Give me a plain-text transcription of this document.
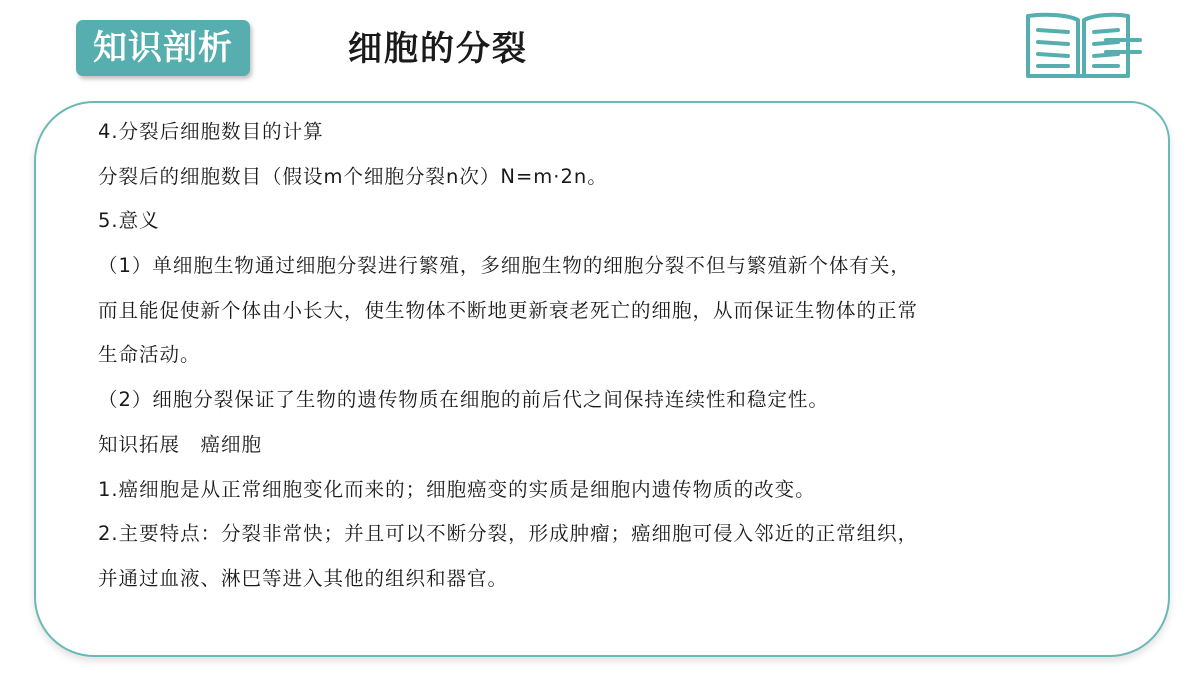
知识剖析	细胞的分裂
4.分裂后细胞数目的计算
分裂后的细胞数目（假设m个细胞分裂n次）N=m·2n。
5.意义
（1）单细胞生物通过细胞分裂进行繁殖，多细胞生物的细胞分裂不但与繁殖新个体有关，
而且能促使新个体由小长大，使生物体不断地更新衰老死亡的细胞，从而保证生物体的正常
生命活动。
（2）细胞分裂保证了生物的遗传物质在细胞的前后代之间保持连续性和稳定性。
知识拓展　癌细胞
1.癌细胞是从正常细胞变化而来的；细胞癌变的实质是细胞内遗传物质的改变。
2.主要特点：分裂非常快；并且可以不断分裂，形成肿瘤；癌细胞可侵入邻近的正常组织，
并通过血液、淋巴等进入其他的组织和器官。
